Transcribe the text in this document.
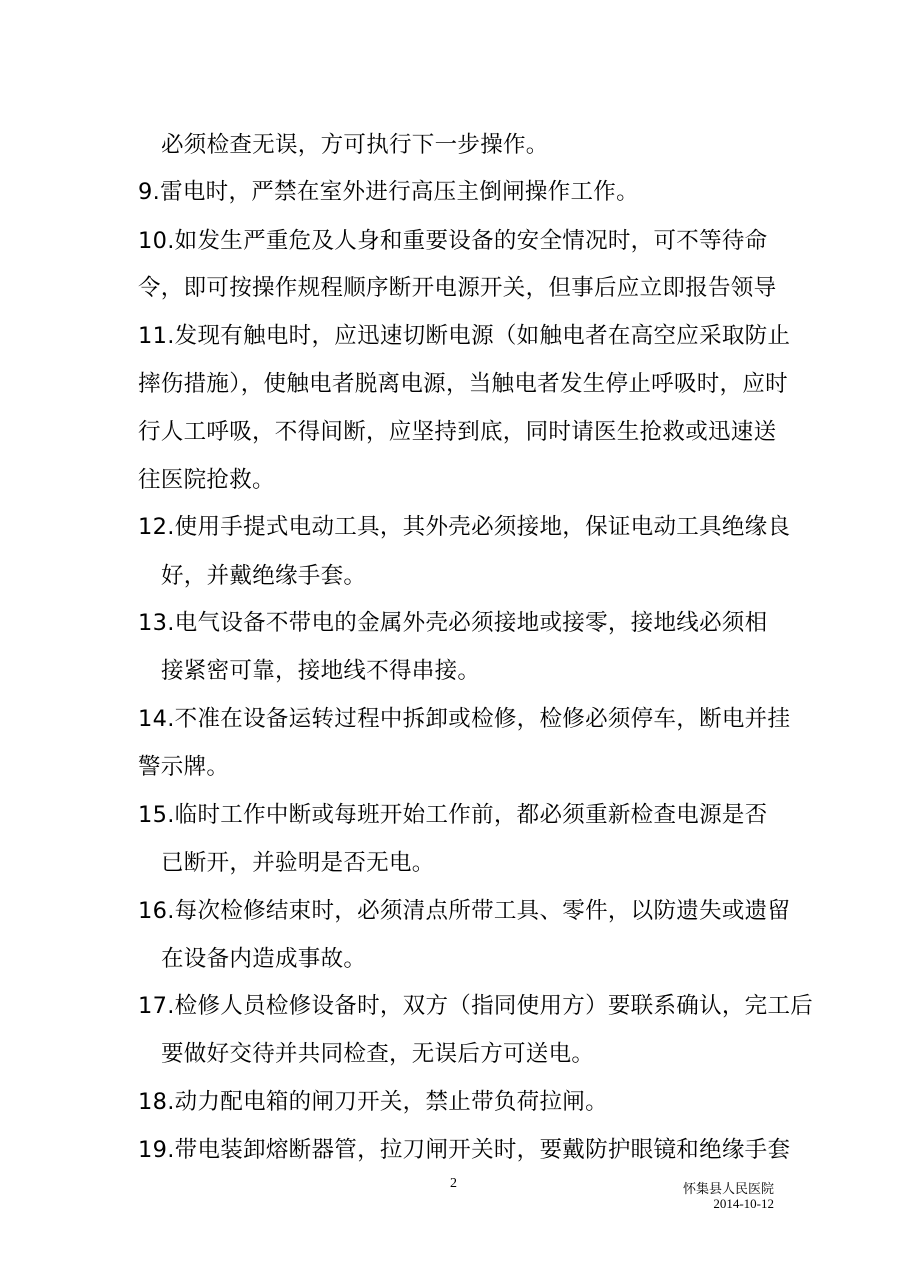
必须检查无误，方可执行下一步操作。
9.雷电时，严禁在室外进行高压主倒闸操作工作。
10.如发生严重危及人身和重要设备的安全情况时，可不等待命
令，即可按操作规程顺序断开电源开关，但事后应立即报告领导
11.发现有触电时，应迅速切断电源（如触电者在高空应采取防止
摔伤措施），使触电者脱离电源，当触电者发生停止呼吸时，应时
行人工呼吸，不得间断，应坚持到底，同时请医生抢救或迅速送
往医院抢救。
12.使用手提式电动工具，其外壳必须接地，保证电动工具绝缘良
好，并戴绝缘手套。
13.电气设备不带电的金属外壳必须接地或接零，接地线必须相
接紧密可靠，接地线不得串接。
14.不准在设备运转过程中拆卸或检修，检修必须停车，断电并挂
警示牌。
15.临时工作中断或每班开始工作前，都必须重新检查电源是否
已断开，并验明是否无电。
16.每次检修结束时，必须清点所带工具、零件，以防遗失或遗留
在设备内造成事故。
17.检修人员检修设备时，双方（指同使用方）要联系确认，完工后
要做好交待并共同检查，无误后方可送电。
18.动力配电箱的闸刀开关，禁止带负荷拉闸。
19.带电装卸熔断器管，拉刀闸开关时，要戴防护眼镜和绝缘手套
2	怀集县人民医院
2014-10-12
